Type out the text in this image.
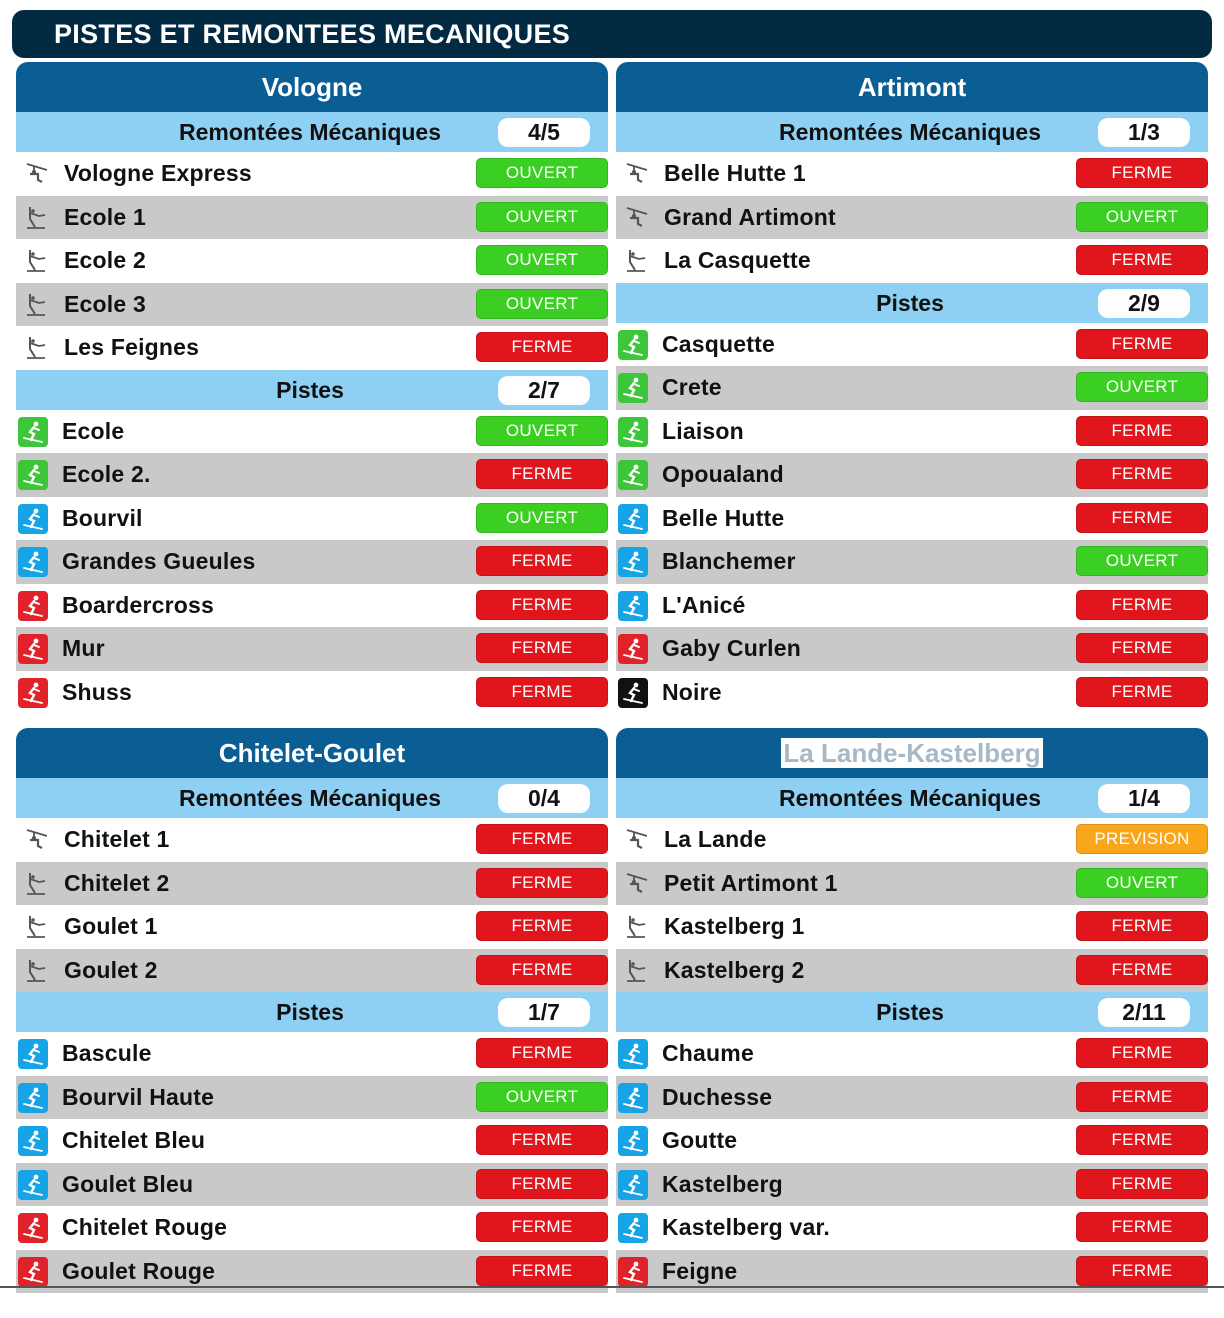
PISTES ET REMONTEES MECANIQUES
Vologne
Remontées Mécaniques	4/5
Vologne Express	OUVERT
Ecole 1	OUVERT
Ecole 2	OUVERT
Ecole 3	OUVERT
Les Feignes	FERME
Pistes	2/7
Ecole	OUVERT
Ecole 2.	FERME
Bourvil	OUVERT
Grandes Gueules	FERME
Boardercross	FERME
Mur	FERME
Shuss	FERME
Artimont
Remontées Mécaniques	1/3
Belle Hutte 1	FERME
Grand Artimont	OUVERT
La Casquette	FERME
Pistes	2/9
Casquette	FERME
Crete	OUVERT
Liaison	FERME
Opoualand	FERME
Belle Hutte	FERME
Blanchemer	OUVERT
L'Anicé	FERME
Gaby Curlen	FERME
Noire	FERME
Chitelet-Goulet
Remontées Mécaniques	0/4
Chitelet 1	FERME
Chitelet 2	FERME
Goulet 1	FERME
Goulet 2	FERME
Pistes	1/7
Bascule	FERME
Bourvil Haute	OUVERT
Chitelet Bleu	FERME
Goulet Bleu	FERME
Chitelet Rouge	FERME
Goulet Rouge	FERME
La Lande-Kastelberg
Remontées Mécaniques	1/4
La Lande	PREVISION
Petit Artimont 1	OUVERT
Kastelberg 1	FERME
Kastelberg 2	FERME
Pistes	2/11
Chaume	FERME
Duchesse	FERME
Goutte	FERME
Kastelberg	FERME
Kastelberg var.	FERME
Feigne	FERME
